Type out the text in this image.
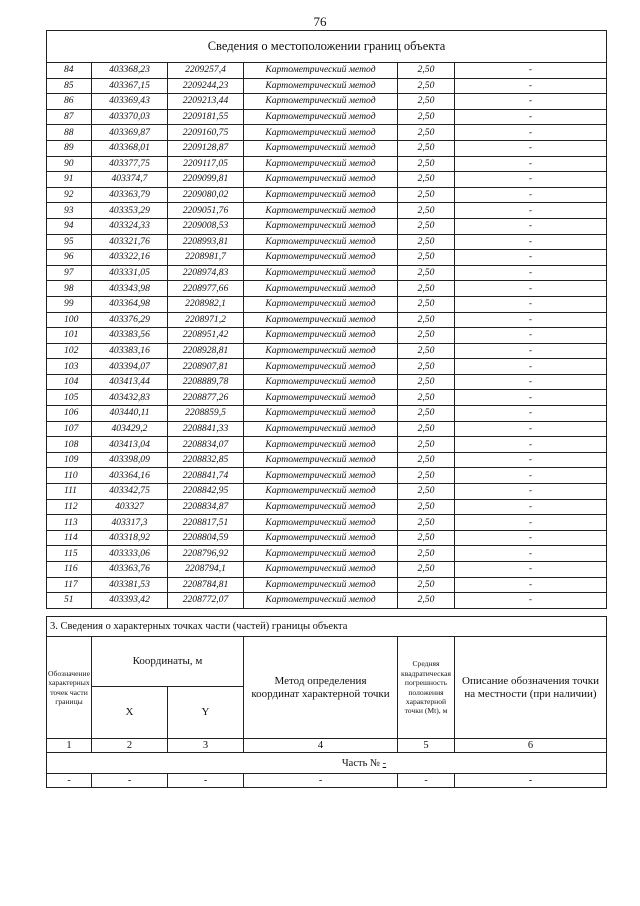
76
Сведения о местоположении границ объекта					
84	403368,23	2209257,4	Картометрический метод	2,50	-
85	403367,15	2209244,23	Картометрический метод	2,50	-
86	403369,43	2209213,44	Картометрический метод	2,50	-
87	403370,03	2209181,55	Картометрический метод	2,50	-
88	403369,87	2209160,75	Картометрический метод	2,50	-
89	403368,01	2209128,87	Картометрический метод	2,50	-
90	403377,75	2209117,05	Картометрический метод	2,50	-
91	403374,7	2209099,81	Картометрический метод	2,50	-
92	403363,79	2209080,02	Картометрический метод	2,50	-
93	403353,29	2209051,76	Картометрический метод	2,50	-
94	403324,33	2209008,53	Картометрический метод	2,50	-
95	403321,76	2208993,81	Картометрический метод	2,50	-
96	403322,16	2208981,7	Картометрический метод	2,50	-
97	403331,05	2208974,83	Картометрический метод	2,50	-
98	403343,98	2208977,66	Картометрический метод	2,50	-
99	403364,98	2208982,1	Картометрический метод	2,50	-
100	403376,29	2208971,2	Картометрический метод	2,50	-
101	403383,56	2208951,42	Картометрический метод	2,50	-
102	403383,16	2208928,81	Картометрический метод	2,50	-
103	403394,07	2208907,81	Картометрический метод	2,50	-
104	403413,44	2208889,78	Картометрический метод	2,50	-
105	403432,83	2208877,26	Картометрический метод	2,50	-
106	403440,11	2208859,5	Картометрический метод	2,50	-
107	403429,2	2208841,33	Картометрический метод	2,50	-
108	403413,04	2208834,07	Картометрический метод	2,50	-
109	403398,09	2208832,85	Картометрический метод	2,50	-
110	403364,16	2208841,74	Картометрический метод	2,50	-
111	403342,75	2208842,95	Картометрический метод	2,50	-
112	403327	2208834,87	Картометрический метод	2,50	-
113	403317,3	2208817,51	Картометрический метод	2,50	-
114	403318,92	2208804,59	Картометрический метод	2,50	-
115	403333,06	2208796,92	Картометрический метод	2,50	-
116	403363,76	2208794,1	Картометрический метод	2,50	-
117	403381,53	2208784,81	Картометрический метод	2,50	-
51	403393,42	2208772,07	Картометрический метод	2,50	-
3. Сведения о характерных точках части (частей) границы объекта					
Обозначение характерных точек части границы	Координаты, м		Метод определения координат характерной точки	Средняя квадратическая погрешность положения характерной точки (Mt), м	Описание обозначения точки на местности (при наличии)
	X	Y			
1	2	3	4	5	6
Часть № -					
-	-	-	-	-	-
